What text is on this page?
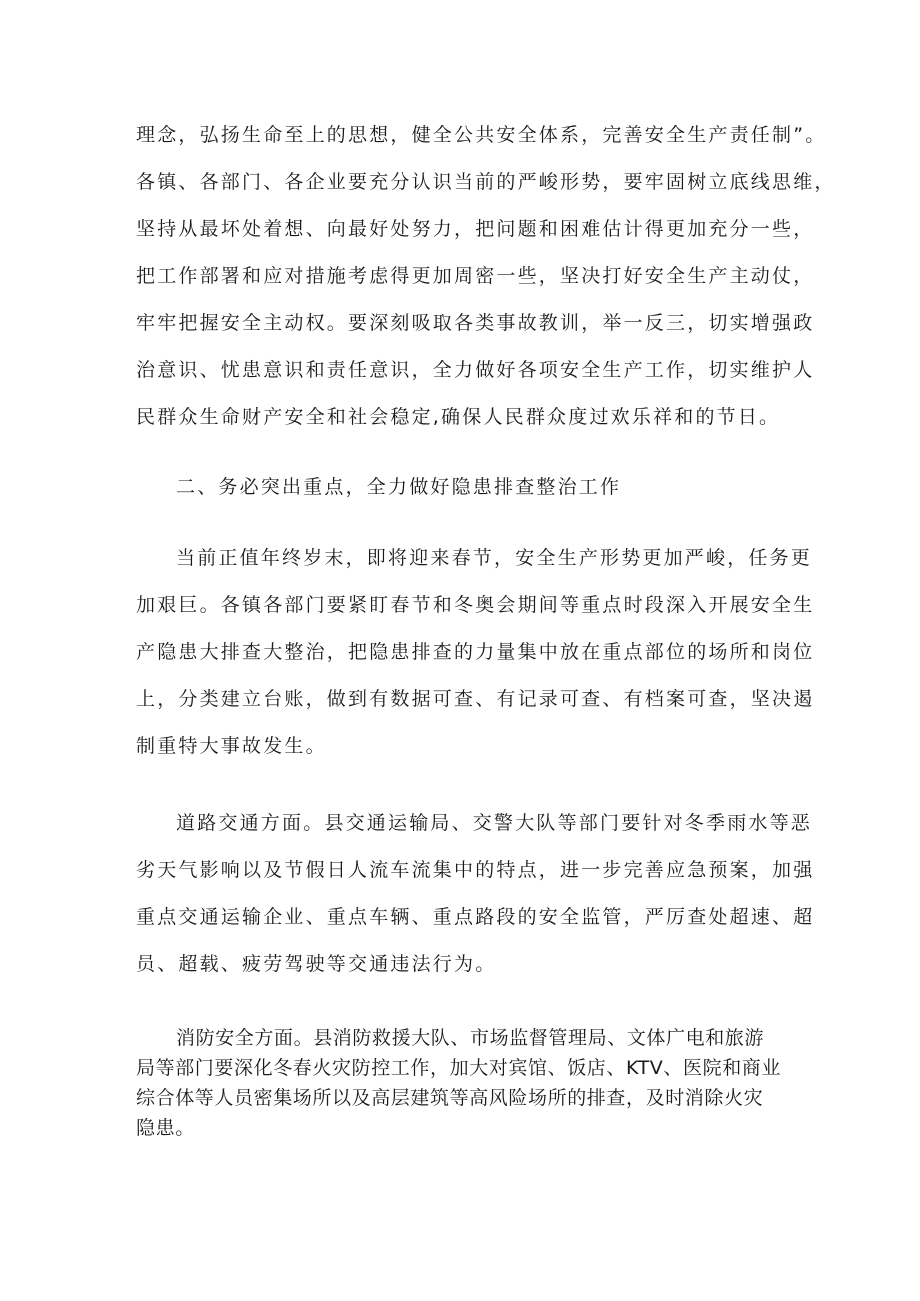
理念，弘扬生命至上的思想，健全公共安全体系，完善安全生产责任制”。
各镇、各部门、各企业要充分认识当前的严峻形势，要牢固树立底线思维，
坚持从最坏处着想、向最好处努力，把问题和困难估计得更加充分一些，
把工作部署和应对措施考虑得更加周密一些，坚决打好安全生产主动仗，
牢牢把握安全主动权。要深刻吸取各类事故教训，举一反三，切实增强政
治意识、忧患意识和责任意识，全力做好各项安全生产工作，切实维护人
民群众生命财产安全和社会稳定,确保人民群众度过欢乐祥和的节日。
二、务必突出重点，全力做好隐患排查整治工作
当前正值年终岁末，即将迎来春节，安全生产形势更加严峻，任务更
加艰巨。各镇各部门要紧盯春节和冬奥会期间等重点时段深入开展安全生
产隐患大排查大整治，把隐患排查的力量集中放在重点部位的场所和岗位
上，分类建立台账，做到有数据可查、有记录可查、有档案可查，坚决遏
制重特大事故发生。
道路交通方面。县交通运输局、交警大队等部门要针对冬季雨水等恶
劣天气影响以及节假日人流车流集中的特点，进一步完善应急预案，加强
重点交通运输企业、重点车辆、重点路段的安全监管，严厉查处超速、超
员、超载、疲劳驾驶等交通违法行为。
消防安全方面。县消防救援大队、市场监督管理局、文体广电和旅游
局等部门要深化冬春火灾防控工作，加大对宾馆、饭店、KTV、医院和商业
综合体等人员密集场所以及高层建筑等高风险场所的排查，及时消除火灾
隐患。
